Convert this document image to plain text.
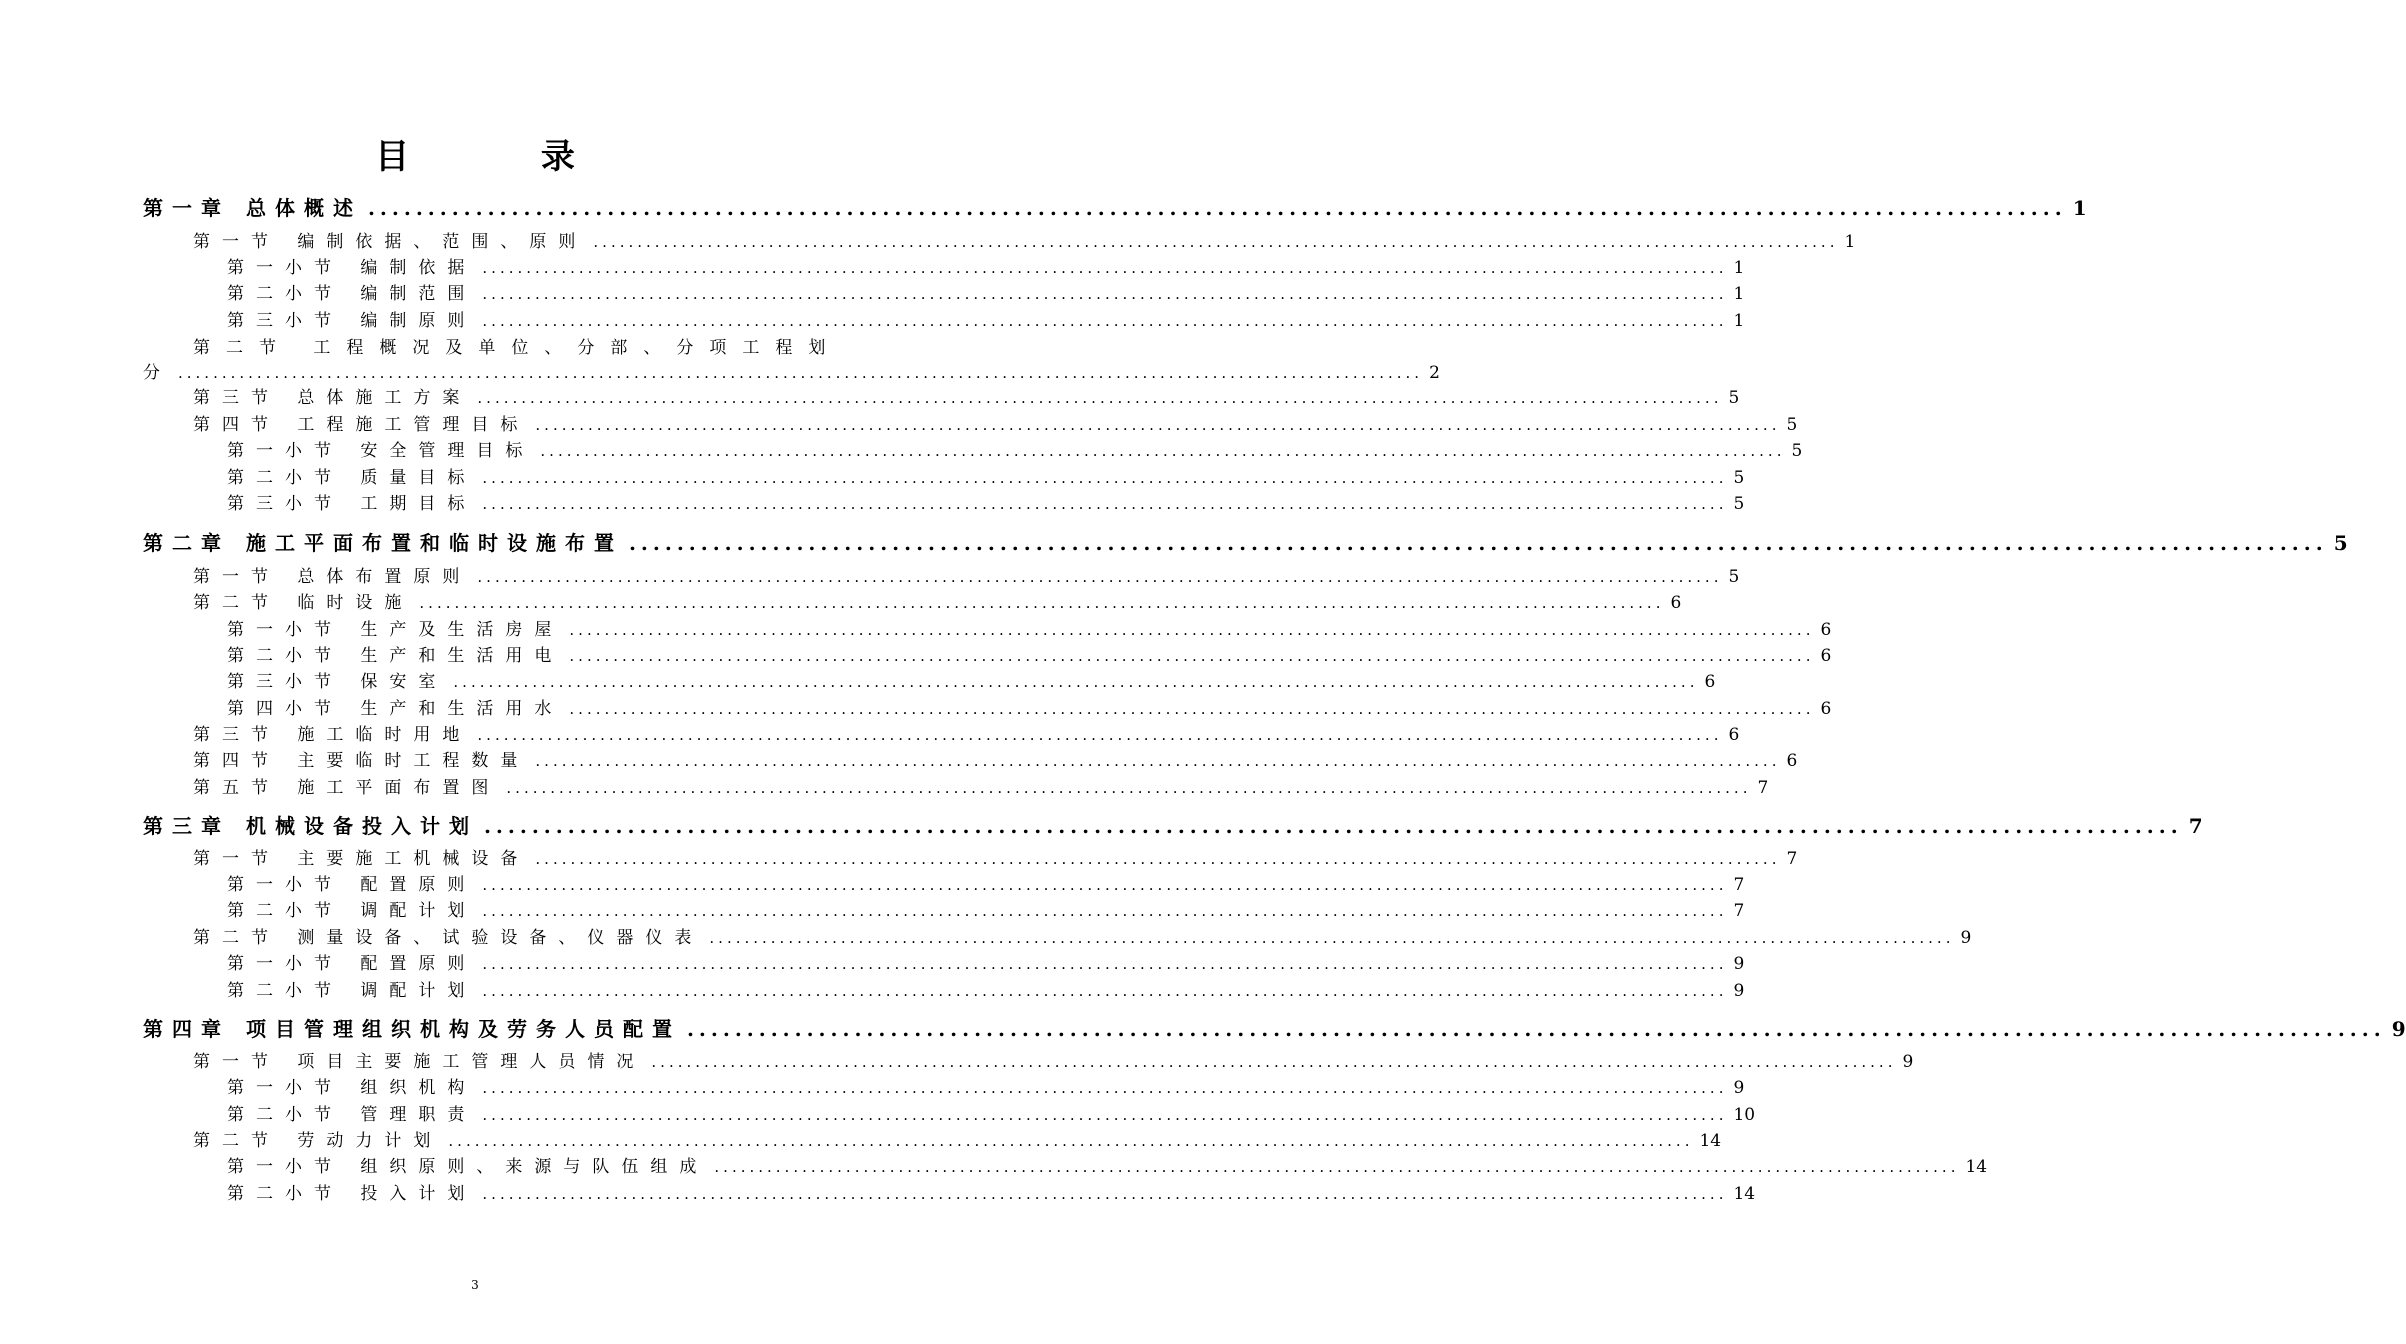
目 录
第一章 总体概述 .............................................................................................................................................. 1
第一节 编制依据、范围、原则 .............................................................................................................................................. 1
第一小节 编制依据 .............................................................................................................................................. 1
第二小节 编制范围 .............................................................................................................................................. 1
第三小节 编制原则 .............................................................................................................................................. 1
第二节 工程概况及单位、分部、分项工程划
分 .............................................................................................................................................. 2
第三节 总体施工方案 .............................................................................................................................................. 5
第四节 工程施工管理目标 .............................................................................................................................................. 5
第一小节 安全管理目标 .............................................................................................................................................. 5
第二小节 质量目标 .............................................................................................................................................. 5
第三小节 工期目标 .............................................................................................................................................. 5
第二章 施工平面布置和临时设施布置 .............................................................................................................................................. 5
第一节 总体布置原则 .............................................................................................................................................. 5
第二节 临时设施 .............................................................................................................................................. 6
第一小节 生产及生活房屋 .............................................................................................................................................. 6
第二小节 生产和生活用电 .............................................................................................................................................. 6
第三小节 保安室 .............................................................................................................................................. 6
第四小节 生产和生活用水 .............................................................................................................................................. 6
第三节 施工临时用地 .............................................................................................................................................. 6
第四节 主要临时工程数量 .............................................................................................................................................. 6
第五节 施工平面布置图 .............................................................................................................................................. 7
第三章 机械设备投入计划 .............................................................................................................................................. 7
第一节 主要施工机械设备 .............................................................................................................................................. 7
第一小节 配置原则 .............................................................................................................................................. 7
第二小节 调配计划 .............................................................................................................................................. 7
第二节 测量设备、试验设备、仪器仪表 .............................................................................................................................................. 9
第一小节 配置原则 .............................................................................................................................................. 9
第二小节 调配计划 .............................................................................................................................................. 9
第四章 项目管理组织机构及劳务人员配置 .............................................................................................................................................. 9
第一节 项目主要施工管理人员情况 .............................................................................................................................................. 9
第一小节 组织机构 .............................................................................................................................................. 9
第二小节 管理职责 .............................................................................................................................................. 10
第二节 劳动力计划 .............................................................................................................................................. 14
第一小节 组织原则、来源与队伍组成 .............................................................................................................................................. 14
第二小节 投入计划 .............................................................................................................................................. 14
3
